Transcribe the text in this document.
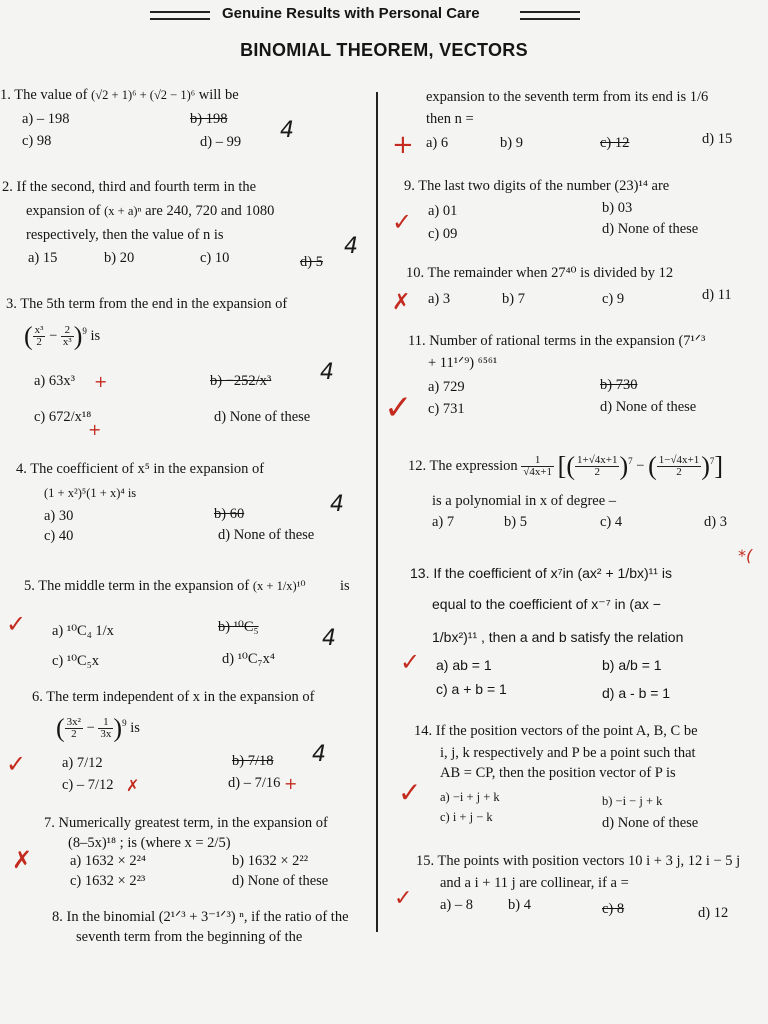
Genuine Results with Personal Care
BINOMIAL THEOREM, VECTORS
1. The value of (√2 + 1)⁶ + (√2 − 1)⁶ will be
a) – 198	b) 198
c) 98	d) – 99 4
2. If the second, third and fourth term in the
expansion of (x + a)ⁿ are 240, 720 and 1080
respectively, then the value of n is
a) 15	b) 20	c) 10	d) 5
4
3. The 5th term from the end in the expansion of
( $\frac{\text{x³}}{2} - \frac{2}{\text{x³}} )^9$ is
a) 63x³	b) −252/x³
c) 672/x¹⁸	d) None of these
4
+
+
4. The coefficient of x⁵ in the expansion of
(1 + x²)⁵(1 + x)⁴ is
a) 30	b) 60
c) 40	d) None of these
4
5. The middle term in the expansion of (x + 1/x)¹⁰ is
a) ¹⁰C₄ 1/x	b) ¹⁰C₅
c) ¹⁰C₅x	d) ¹⁰C₇x⁴
4
6. The term independent of x in the expansion of
( $\frac{\text{3x²}}{2} - \frac{1}{3x} )^9$ is
a) 7/12	b) 7/18
c) – 7/12	d) – 7/16
4
✗	+
7. Numerically greatest term, in the expansion of
(8–5x)¹⁸ ; is (where x = 2/5)
a) 1632 × 2²⁴	b) 1632 × 2²²
c) 1632 × 2²³	d) None of these
8. In the binomial (2¹ᐟ³ + 3⁻¹ᐟ³) ⁿ, if the ratio of the
seventh term from the beginning of the
✓
✓
✗
expansion to the seventh term from its end is 1/6
then n =
a) 6	b) 9	c) 12	d) 15
+
9. The last two digits of the number (23)¹⁴ are
a) 01	b) 03
c) 09	d) None of these
✓
10. The remainder when 27⁴⁰ is divided by 12
a) 3	b) 7	c) 9	d) 11
✗
11. Number of rational terms in the expansion (7¹ᐟ³
+ 11¹ᐟ⁹) ⁶⁵⁶¹
a) 729	b) 730
c) 731	d) None of these
✓
12. The expression $\frac{1}{√4x+1}$ [( $\frac{1+√4x+1}{2} )^7$ − ( $\frac{1-√4x+1}{2} )^7$]
is a polynomial in x of degree –
a) 7	b) 5	c) 4	d) 3
13. If the coefficient of x⁷in (ax² + 1/bx)¹¹ is
equal to the coefficient of x⁻⁷ in (ax −
1/bx²)¹¹ , then a and b satisfy the relation
a) ab = 1	b) a/b = 1
c) a + b = 1	d) a - b = 1
✓
*(
14. If the position vectors of the point A, B, C be
i, j, k respectively and P be a point such that
AB = CP, then the position vector of P is
a) −i + j + k	b) −i − j + k
c) i + j − k	d) None of these
✓
15. The points with position vectors 10 i + 3 j, 12 i − 5 j
and a i + 11 j are collinear, if a =
a) – 8 b) 4	c) 8	d) 12
✓
